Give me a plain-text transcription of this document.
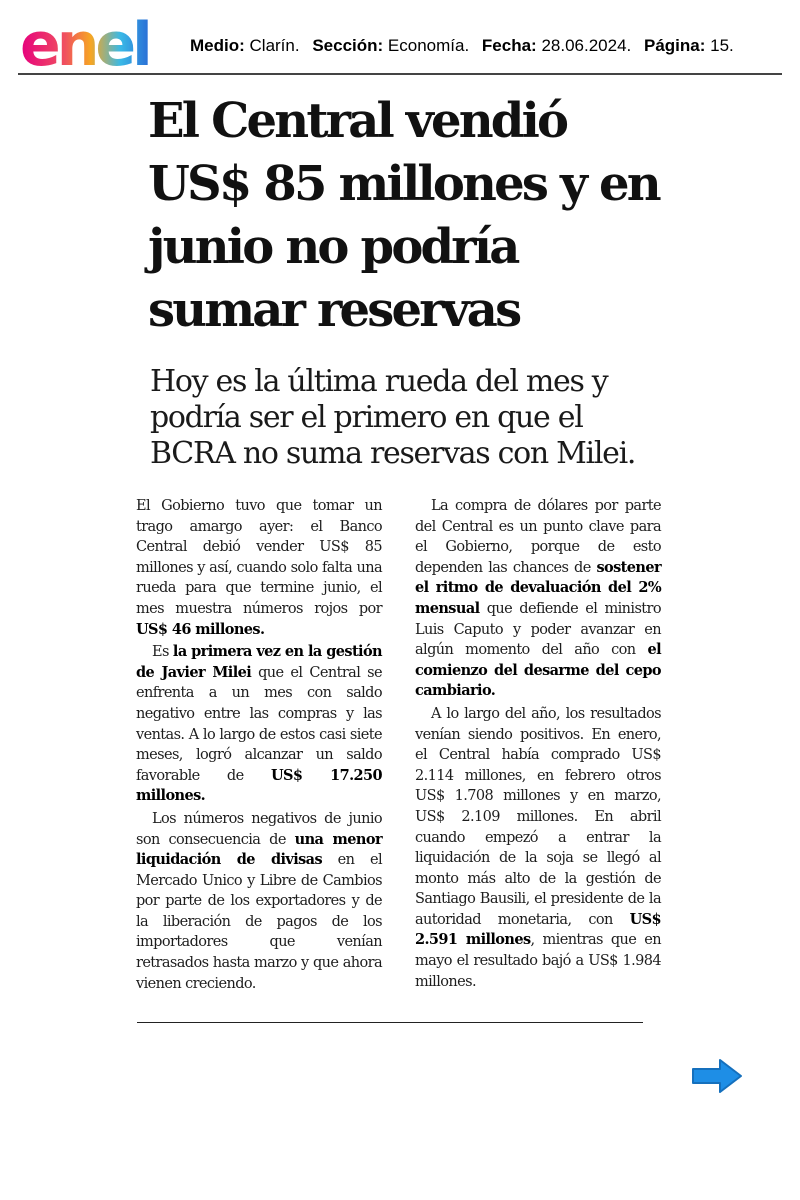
enel Medio: Clarín. Sección: Economía. Fecha: 28.06.2024. Página: 15.
El Central vendió US$ 85 millones y en junio no podría sumar reservas
Hoy es la última rueda del mes y podría ser el primero en que el BCRA no suma reservas con Milei.

El Gobierno tuvo que tomar un trago amargo ayer: el Banco Central debió vender US$ 85 millones y así, cuando solo falta una rueda para que termine junio, el mes muestra números rojos por US$ 46 millones.

Es la primera vez en la gestión de Javier Milei que el Central se enfrenta a un mes con saldo negativo entre las compras y las ventas. A lo largo de estos casi siete meses, logró alcanzar un saldo favorable de US$ 17.250 millones.

Los números negativos de junio son consecuencia de una menor liquidación de divisas en el Mercado Unico y Libre de Cambios por parte de los exportadores y de la liberación de pagos de los importadores que venían retrasados hasta marzo y que ahora vienen creciendo.

La compra de dólares por parte del Central es un punto clave para el Gobierno, porque de esto dependen las chances de sostener el ritmo de devaluación del 2% mensual que defiende el ministro Luis Caputo y poder avanzar en algún momento del año con el comienzo del desarme del cepo cambiario.

A lo largo del año, los resultados venían siendo positivos. En enero, el Central había comprado US$ 2.114 millones, en febrero otros US$ 1.708 millones y en marzo, US$ 2.109 millones. En abril cuando empezó a entrar la liquidación de la soja se llegó al monto más alto de la gestión de Santiago Bausili, el presidente de la autoridad monetaria, con US$ 2.591 millones, mientras que en mayo el resultado bajó a US$ 1.984 millones.
